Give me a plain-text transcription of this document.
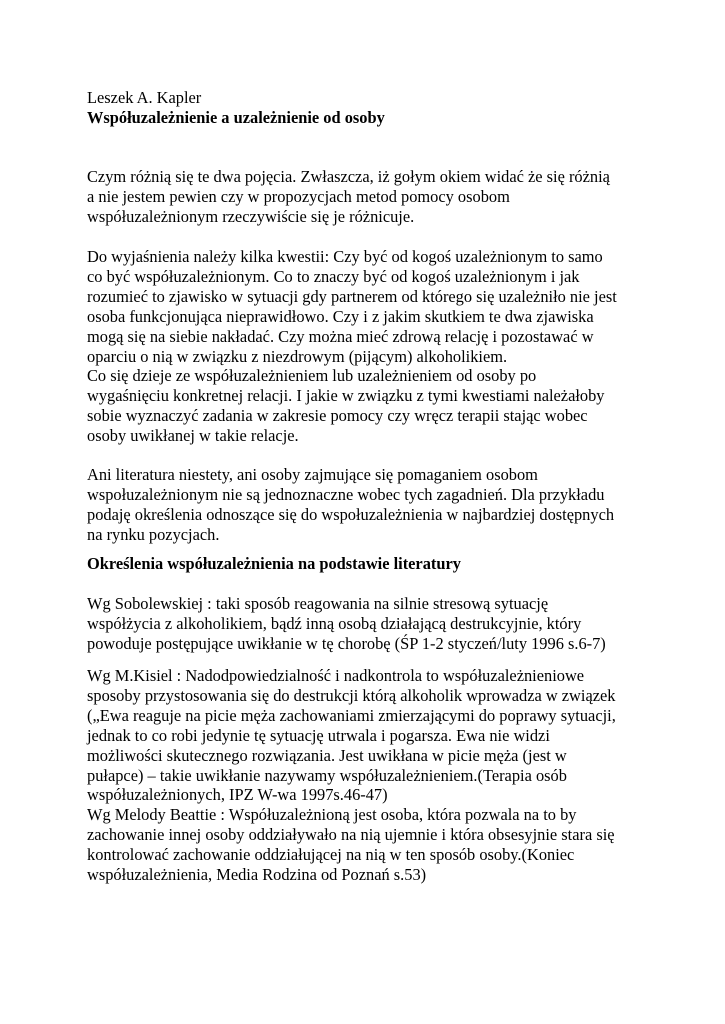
Leszek A. Kapler
Współuzależnienie a uzależnienie od osoby
Czym różnią się te dwa pojęcia. Zwłaszcza, iż gołym okiem widać że się różnią
a nie jestem pewien czy w propozycjach metod pomocy osobom
współuzależnionym rzeczywiście się je różnicuje.
Do wyjaśnienia należy kilka kwestii: Czy być od kogoś uzależnionym to samo
co być współuzależnionym. Co to znaczy być od kogoś uzależnionym i jak
rozumieć to zjawisko w sytuacji gdy partnerem od którego się uzależniło nie jest
osoba funkcjonująca nieprawidłowo. Czy i z jakim skutkiem te dwa zjawiska
mogą się na siebie nakładać. Czy można mieć zdrową relację i pozostawać w
oparciu o nią w związku z niezdrowym (pijącym) alkoholikiem.
Co się dzieje ze współuzależnieniem lub uzależnieniem od osoby po
wygaśnięciu konkretnej relacji. I jakie w związku z tymi kwestiami należałoby
sobie wyznaczyć zadania w zakresie pomocy czy wręcz terapii stając wobec
osoby uwikłanej w takie relacje.
Ani literatura niestety, ani osoby zajmujące się pomaganiem osobom
wspołuzależnionym nie są jednoznaczne wobec tych zagadnień. Dla przykładu
podaję określenia odnoszące się do wspołuzależnienia w najbardziej dostępnych
na rynku pozycjach.
Określenia współuzależnienia na podstawie literatury
Wg Sobolewskiej : taki sposób reagowania na silnie stresową sytuację
współżycia z alkoholikiem, bądź inną osobą działającą destrukcyjnie, który
powoduje postępujące uwikłanie w tę chorobę (ŚP 1-2 styczeń/luty 1996 s.6-7)
Wg M.Kisiel : Nadodpowiedzialność i nadkontrola to współuzależnieniowe
sposoby przystosowania się do destrukcji którą alkoholik wprowadza w związek
(„Ewa reaguje na picie męża zachowaniami zmierzającymi do poprawy sytuacji,
jednak to co robi jedynie tę sytuację utrwala i pogarsza. Ewa nie widzi
możliwości skutecznego rozwiązania. Jest uwikłana w picie męża (jest w
pułapce) – takie uwikłanie nazywamy współuzależnieniem.(Terapia osób
współuzależnionych, IPZ W-wa 1997s.46-47)
Wg Melody Beattie : Współuzależnioną jest osoba, która pozwala na to by
zachowanie innej osoby oddziaływało na nią ujemnie i która obsesyjnie stara się
kontrolować zachowanie oddziałującej na nią w ten sposób osoby.(Koniec
współuzależnienia, Media Rodzina od Poznań s.53)
